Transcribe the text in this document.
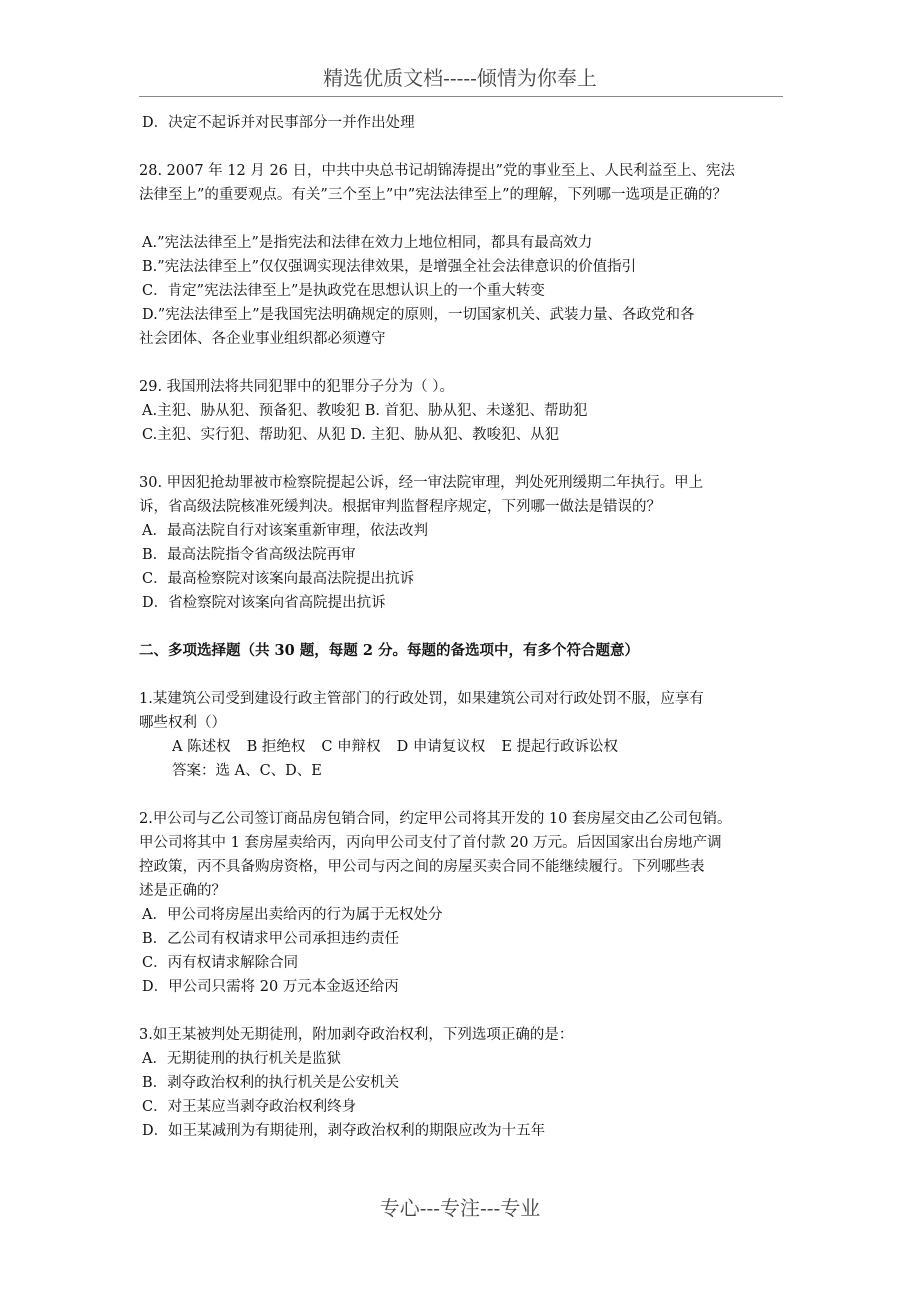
精选优质文档-----倾情为你奉上
D．决定不起诉并对民事部分一并作出处理
28. 2007 年 12 月 26 日，中共中央总书记胡锦涛提出”党的事业至上、人民利益至上、宪法
法律至上”的重要观点。有关”三个至上”中”宪法法律至上”的理解，下列哪一选项是正确的？
A.”宪法法律至上”是指宪法和法律在效力上地位相同，都具有最高效力
B.”宪法法律至上”仅仅强调实现法律效果，是增强全社会法律意识的价值指引
C．肯定”宪法法律至上”是执政党在思想认识上的一个重大转变
D.”宪法法律至上”是我国宪法明确规定的原则，一切国家机关、武装力量、各政党和各
社会团体、各企业事业组织都必须遵守
29. 我国刑法将共同犯罪中的犯罪分子分为（ ）。
A.主犯、胁从犯、预备犯、教唆犯 B. 首犯、胁从犯、未遂犯、帮助犯
C.主犯、实行犯、帮助犯、从犯 D. 主犯、胁从犯、教唆犯、从犯
30. 甲因犯抢劫罪被市检察院提起公诉，经一审法院审理，判处死刑缓期二年执行。甲上
诉，省高级法院核准死缓判决。根据审判监督程序规定，下列哪一做法是错误的？
A．最高法院自行对该案重新审理，依法改判
B．最高法院指令省高级法院再审
C．最高检察院对该案向最高法院提出抗诉
D．省检察院对该案向省高院提出抗诉
二、多项选择题（共 30 题，每题 2 分。每题的备选项中，有多个符合题意）
1.某建筑公司受到建设行政主管部门的行政处罚，如果建筑公司对行政处罚不服，应享有
哪些权利（）
A 陈述权 B 拒绝权 C 申辩权 D 申请复议权 E 提起行政诉讼权
答案：选 A、C、D、E
2.甲公司与乙公司签订商品房包销合同，约定甲公司将其开发的 10 套房屋交由乙公司包销。
甲公司将其中 1 套房屋卖给丙，丙向甲公司支付了首付款 20 万元。后因国家出台房地产调
控政策，丙不具备购房资格，甲公司与丙之间的房屋买卖合同不能继续履行。下列哪些表
述是正确的？
A．甲公司将房屋出卖给丙的行为属于无权处分
B．乙公司有权请求甲公司承担违约责任
C．丙有权请求解除合同
D．甲公司只需将 20 万元本金返还给丙
3.如王某被判处无期徒刑，附加剥夺政治权利，下列选项正确的是：
A．无期徒刑的执行机关是监狱
B．剥夺政治权利的执行机关是公安机关
C．对王某应当剥夺政治权利终身
D．如王某减刑为有期徒刑，剥夺政治权利的期限应改为十五年
专心---专注---专业
